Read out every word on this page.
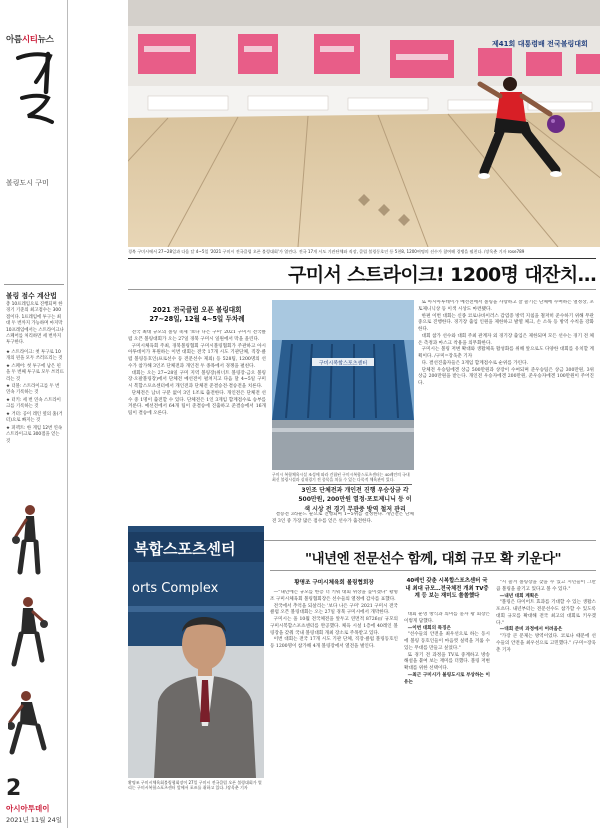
아름시티뉴스
볼링도시 구미
볼링 점수 계산법
총 10프레임으로 진행되며 한 경기 기준의 최고점수는 300점이다. 1프레임에 투구는 최대 두 번까지 가능하며 마지막 10프레임에서는 스트라이크나 스페어를 처리하면 세 번까지 투구한다.
★ 스트라이크: 첫 투구로 10개의 핀을 모두 쓰러뜨리는 것
★ 스페어: 첫 투구에 남은 핀을 두 번째 투구로 모두 쓰러뜨리는 것
★ 더블: 스트라이크를 두 번 연속 기록하는 것
★ 터키: 세 번 연속 스트라이크를 기록하는 것
★ 거터: 공이 레인 옆의 홈(거터)으로 빠지는 것
★ 퍼펙트: 한 게임 12번 연속 스트라이크로 300점을 얻는 것
2
아시아투데이
2021년 11월 24일
제41회 대통령배 전국볼링대회
경북 구미시에서 27~28일과 다음 달 4~5일 '2021 구미시 전국클럽 오픈 볼링대회'가 열린다. 전국 17개 시도 기관단체와 직장, 클럽 볼링동호인 등 5천8, 1200여명의 선수가 참여해 경쟁을 펼친다. /장욱춘 기자 rose789
구미서 스트라이크! 1200명 대잔치…
2021 전국클럽 오픈 볼링대회
27~28일, 12월 4~5일 두차례

전국 최대 규모의 볼링 축제 '보다 나은 구미' 2021 구미시 전국클럽 오픈 볼링대회가 오는 27일 경북 구미시 일원에서 막을 올린다.

구미시체육회 주최, 경북볼링협회 구미시볼링협회가 주관하고 아시아투데이가 후원하는 이번 대회는 전국 17개 시도 기관단체, 직장·클럽 볼링동호인(프로선수 등 전문선수 제외) 등 528팀, 1200명의 선수가 참가해 3인조 단체전과 개인전 두 종목에서 경쟁을 펼친다.

대회는 오는 27~28일 구미 지역 볼링장(위너트 볼링장·금오 볼링장·오팔볼링장)에서 단체전 예선전이 펼쳐지고 다음 달 4~5일 구미시 복합스포츠센터에서 개인전과 단체전 준결승전·결승전을 치른다.

단체전은 남녀 구분 없이 3인 1조로 출전한다. 개인전은 단체전 선수 중 1명이 출전할 수 있다. 단체전은 1인 3게임 합계점수로 승부를 겨룬다. 예선전에서 64개 팀이 준결승에 진출하고 준결승에서 16개 팀이 결승에 오른다.

구미시복합스포츠센터
구미시 복합체육시설 조성에 따라 건립된 구미시복합스포츠센터는 40레인의 국내 최신 볼링시설과 실내경기 전 종목을 치를 수 있는 다목적 체육관이 있다.
3인조 단체전과 개인전 진행 우승상금 각 500만원, 200만원 열정·포토제니닉 등 이색 시상 전 경기 무관중 방역 철저 관리

결승전 3라운드 순으로 진행되며 1~5위를 결정한다. 개인전은 단체전 3인 중 가장 많은 점수를 얻은 선수가 출전한다.

또 아시아투데이가 예선전에서 볼링을 사랑하고 잘 즐기는 단체에 수여하는 열정상, 포토제니닉상 등 이색 시상도 마련됐다.

한편 이번 대회는 신종 코로나바이러스 감염증 방역 지침을 철저히 준수하기 위해 무관중으로 진행한다. 경기장 출입 인원을 제한하고 발열 체크, 손 소독 등 방역 수칙을 강화한다.

대회 참가 선수와 대회 주최 관계자 외 경기장 출입은 제한되며 모든 선수는 경기 전 체온 측정과 마스크 착용을 의무화한다.

구미시는 볼링 저변 확대와 생활체육 활성화를 위해 앞으로도 다양한 대회를 유치할 계획이다. /구미=장욱춘 기자

다. 결선진출자들은 3게임 합계점수로 순위를 가린다.

단체전 우승팀에겐 상금 500만원과 상장이 수여되며 준우승팀은 상금 300만원, 3위 상금 200만원을 받는다. 개인전 우승자에겐 200만원, 준우승자에겐 100만원이 주어진다.

복합스포츠센터
orts Complex
황명조 구미시체육회볼링협회장이 27일 구미시 전국클럽 오픈 볼링대회가 열리는 구미시복합스포츠센터 앞에서 포즈를 취하고 있다. /장욱춘 기자
"내년엔 전문선수 함께, 대회 규모 확 키운다"
황명조 구미시체육회 볼링협회장	40레인 갖춘 시복합스포츠센터 국내 최대 규모…전국체전 개최 TV중계 등 보는 재미도 쏠쏠했다

—"내년에는 규모를 한층 더 키워 대회 위상을 높이겠다" 황명조 구미시체육회 볼링협회장은 선수들의 열정에 감사를 표했다.

전국에서 추억을 되살리는 '보다 나은 구미' 2021 구미시 전국클럽 오픈 볼링대회는 오는 27일 경북 구미시에서 개막한다.

구미시는 올 10월 전국체전을 앞두고 연면적 8726㎡ 규모의 구미시복합스포츠센터를 완공했다. 체육 시설 1층에 40레인 볼링장을 갖춰 국내 볼링대회 개최 장소로 주목받고 있다.

이번 대회는 전국 17개 시도 기관 단체, 직장·클럽 볼링동호인 등 1200명이 참가해 4개 볼링장에서 열전을 벌인다.

대회 운영 방식과 의미를 묻자 황 회장은 이렇게 답했다.

—이번 대회의 특징은

"선수들의 안전을 최우선으로 하는 동시에 볼링 동호인들이 마음껏 실력을 겨룰 수 있는 무대를 만들고 싶었다."

또 경기 전 과정을 TV로 중계하고 방송 해설을 붙여 보는 재미를 더했다. 볼링 저변 확대를 위한 선택이다.

—최근 구미시가 볼링도시로 부상하는 이유는

"시 즐겨 볼링장을 찾을 수 있고 시민들이 그만큼 볼링을 즐기고 있다고 볼 수 있다."

—내년 대회 계획은

"볼링은 다이어트 효과를 기대할 수 있는 생활스포츠다. 내년부터는 전문선수도 참가할 수 있도록 대회 규모를 확대해 전국 최고의 대회로 키우겠다."

—대회 준비 과정에서 어려움은

"가장 큰 문제는 방역이었다. 코로나 때문에 선수들의 안전을 최우선으로 고민했다." /구미=장욱춘 기자
